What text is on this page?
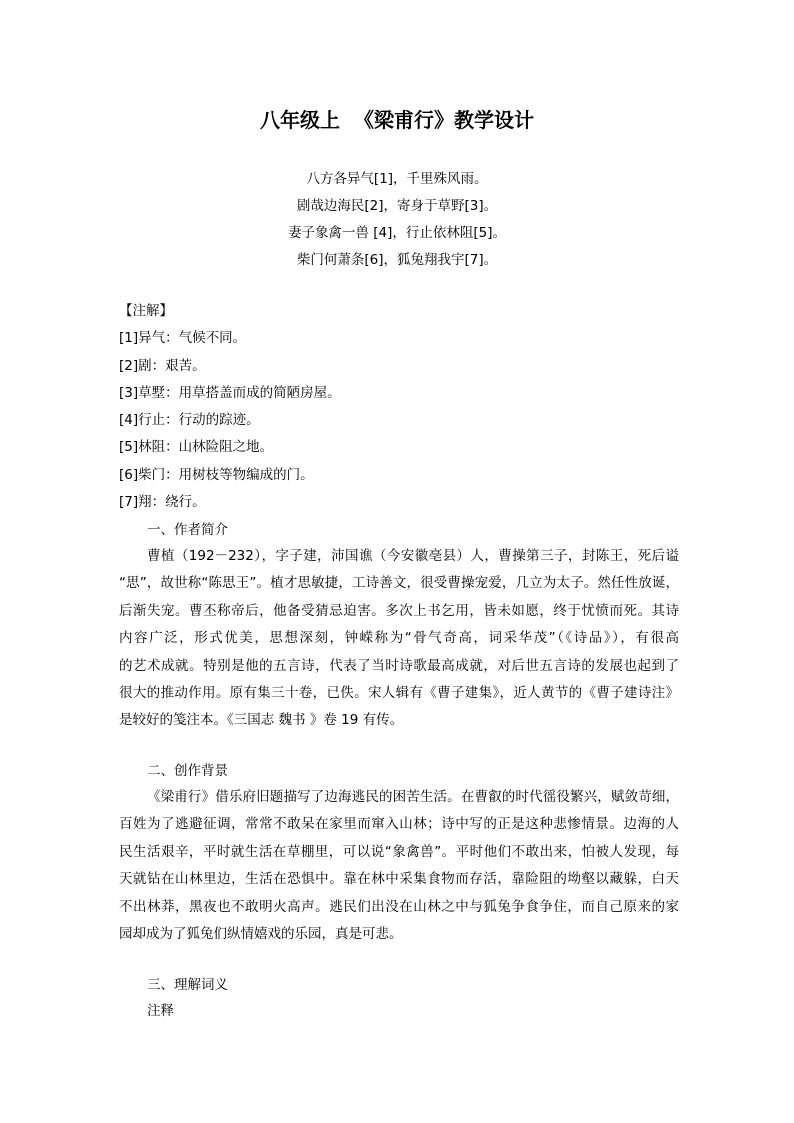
八年级上  《梁甫行》教学设计
八方各异气[1]，千里殊风雨。
剧哉边海民[2]，寄身于草野[3]。
妻子象禽一兽 [4]，行止依林阻[5]。
柴门何萧条[6]，狐兔翔我宇[7]。
【注解】
[1]异气：气候不同。
[2]剧：艰苦。
[3]草墅：用草搭盖而成的简陋房屋。
[4]行止：行动的踪迹。
[5]林阻：山林险阻之地。
[6]柴门：用树枝等物编成的门。
[7]翔：绕行。
一、作者简介
曹植（192－232），字子建，沛国谯（今安徽亳县）人，曹操第三子，封陈王，死后谥
“思”，故世称“陈思王”。植才思敏捷，工诗善文，很受曹操宠爱，几立为太子。然任性放诞，
后渐失宠。曹丕称帝后，他备受猜忌迫害。多次上书乞用，皆未如愿，终于忧愤而死。其诗
内容广泛，形式优美，思想深刻，钟嵘称为“骨气奇高，词采华茂”（《诗品》），有很高
的艺术成就。特别是他的五言诗，代表了当时诗歌最高成就，对后世五言诗的发展也起到了
很大的推动作用。原有集三十卷，已佚。宋人辑有《曹子建集》，近人黄节的《曹子建诗注》
是较好的笺注本。《三国志 魏书 》卷 19 有传。
二、创作背景
《梁甫行》借乐府旧题描写了边海逃民的困苦生活。在曹叡的时代徭役繁兴，赋敛苛细，
百姓为了逃避征调，常常不敢呆在家里而窜入山林；诗中写的正是这种悲惨情景。边海的人
民生活艰辛，平时就生活在草棚里，可以说“象禽兽”。平时他们不敢出来，怕被人发现，每
天就钻在山林里边，生活在恐惧中。靠在林中采集食物而存活，靠险阻的坳壑以藏躲，白天
不出林莽，黑夜也不敢明火高声。逃民们出没在山林之中与狐兔争食争住，而自己原来的家
园却成为了狐兔们纵情嬉戏的乐园，真是可悲。
三、理解词义
注释
